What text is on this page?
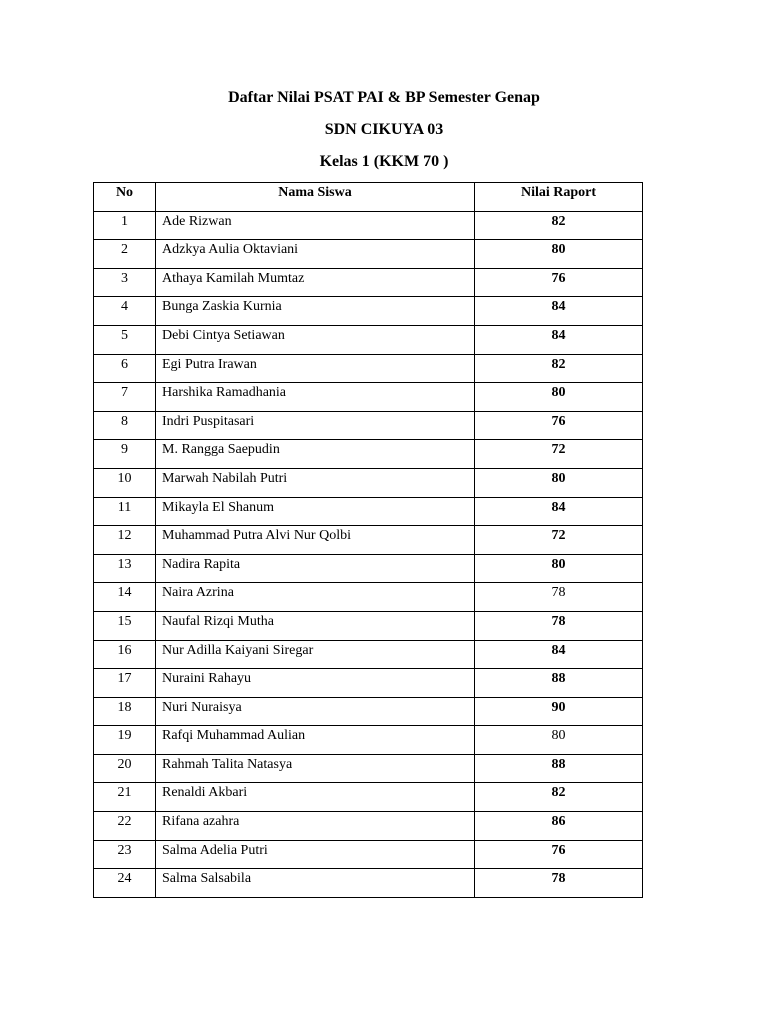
Daftar Nilai PSAT PAI & BP Semester Genap
SDN CIKUYA 03
Kelas 1 (KKM 70 )
No	Nama Siswa	Nilai Raport
1	Ade Rizwan	82
2	Adzkya Aulia Oktaviani	80
3	Athaya Kamilah Mumtaz	76
4	Bunga Zaskia Kurnia	84
5	Debi Cintya Setiawan	84
6	Egi Putra Irawan	82
7	Harshika Ramadhania	80
8	Indri Puspitasari	76
9	M. Rangga Saepudin	72
10	Marwah Nabilah Putri	80
11	Mikayla El Shanum	84
12	Muhammad Putra Alvi Nur Qolbi	72
13	Nadira Rapita	80
14	Naira Azrina	78
15	Naufal Rizqi Mutha	78
16	Nur Adilla Kaiyani Siregar	84
17	Nuraini Rahayu	88
18	Nuri Nuraisya	90
19	Rafqi Muhammad Aulian	80
20	Rahmah Talita Natasya	88
21	Renaldi Akbari	82
22	Rifana azahra	86
23	Salma Adelia Putri	76
24	Salma Salsabila	78
